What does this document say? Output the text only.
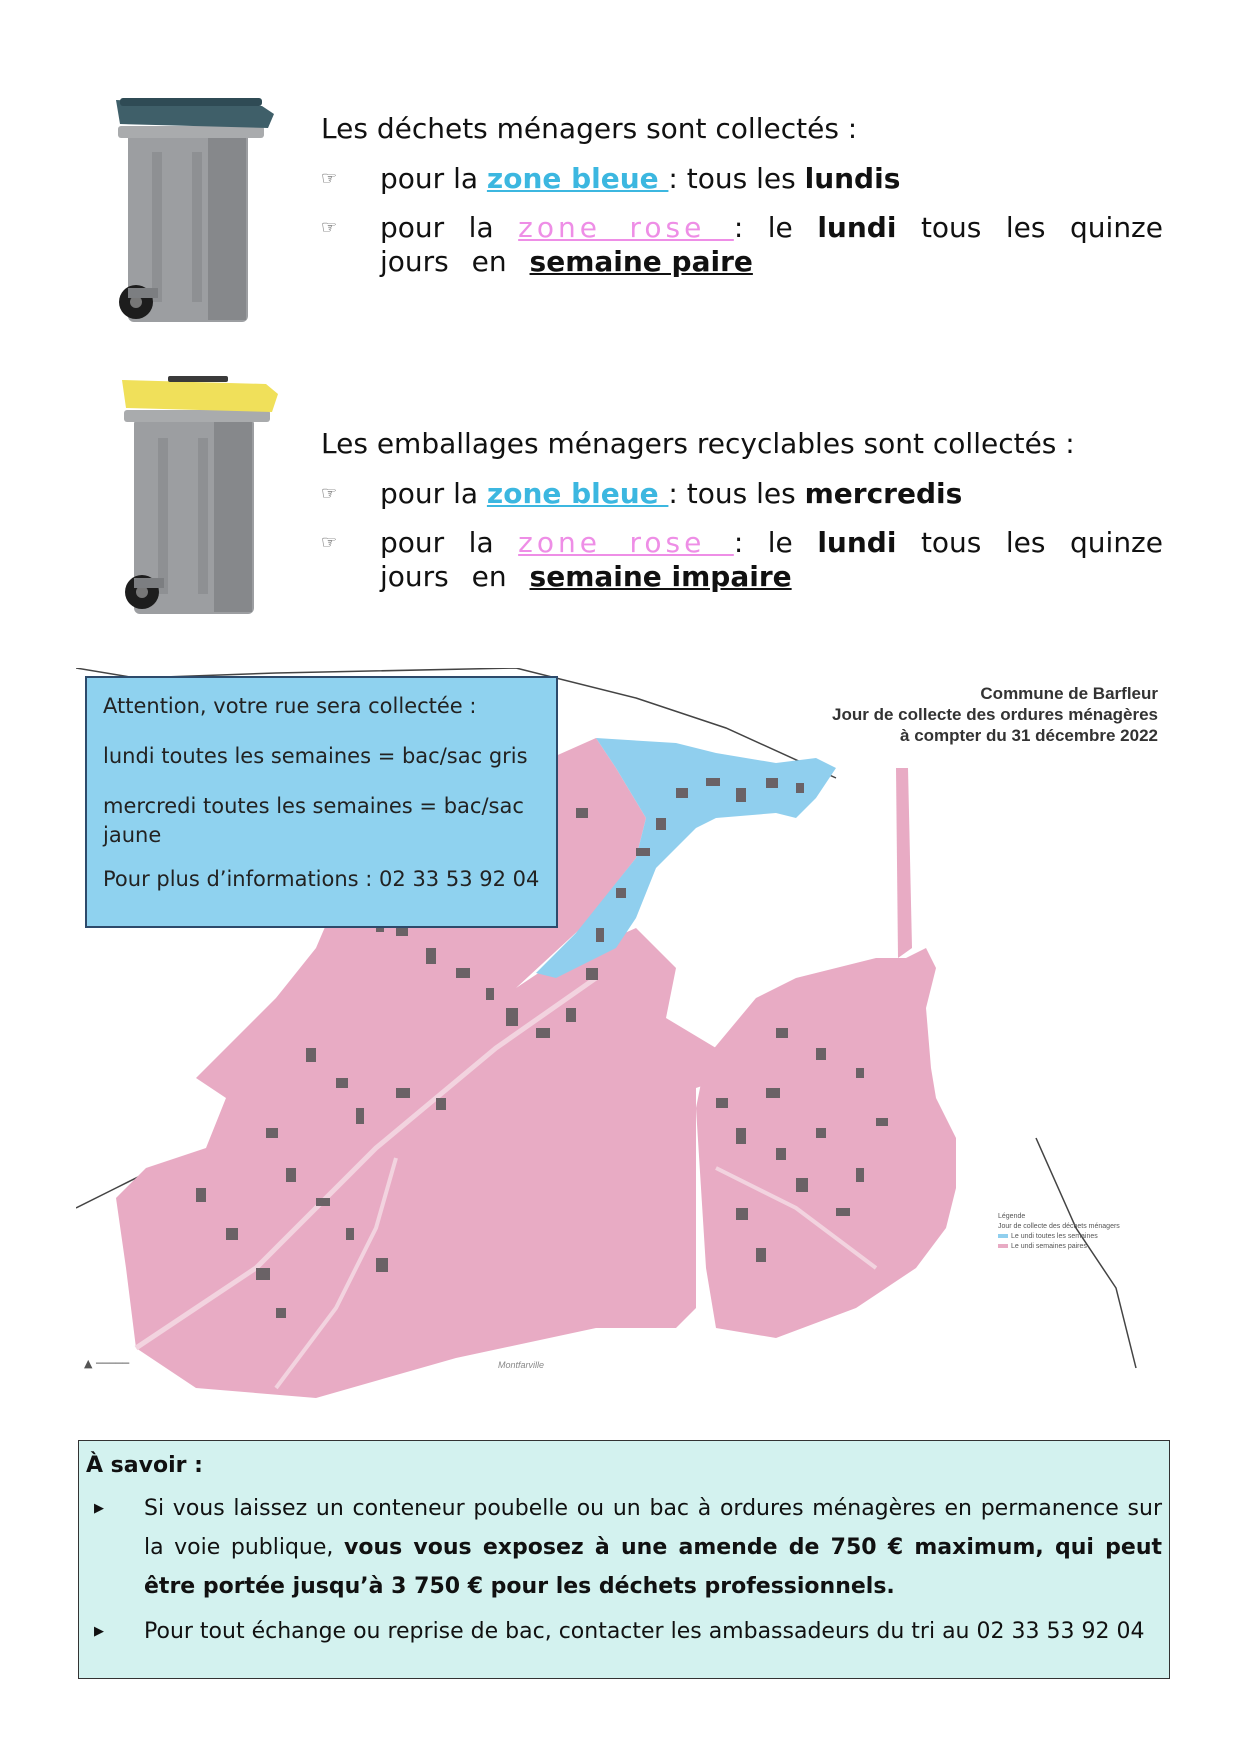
Les déchets ménagers sont collectés :

☞ pour la zone bleue : tous les lundis
☞ pour la zone rose : le lundi tous les quinze jours en semaine paire

Les emballages ménagers recyclables sont collectés :

☞ pour la zone bleue : tous les mercredis
☞ pour la zone rose : le lundi tous les quinze jours en semaine impaire
Commune de Barfleur
Jour de collecte des ordures ménagères
à compter du 31 décembre 2022

Attention, votre rue sera collectée :

lundi toutes les semaines = bac/sac gris

mercredi toutes les semaines = bac/sac jaune

Pour plus d’informations : 02 33 53 92 04

Légende
Jour de collecte des déchets ménagers
Le undi toutes les semaines
Le undi semaines paires
▲ ─────	Montfarville
À savoir :
▶ Si vous laissez un conteneur poubelle ou un bac à ordures ménagères en permanence sur la voie publique, vous vous exposez à une amende de 750 € maximum, qui peut être portée jusqu’à 3 750 € pour les déchets professionnels.
▶ Pour tout échange ou reprise de bac, contacter les ambassadeurs du tri au 02 33 53 92 04
